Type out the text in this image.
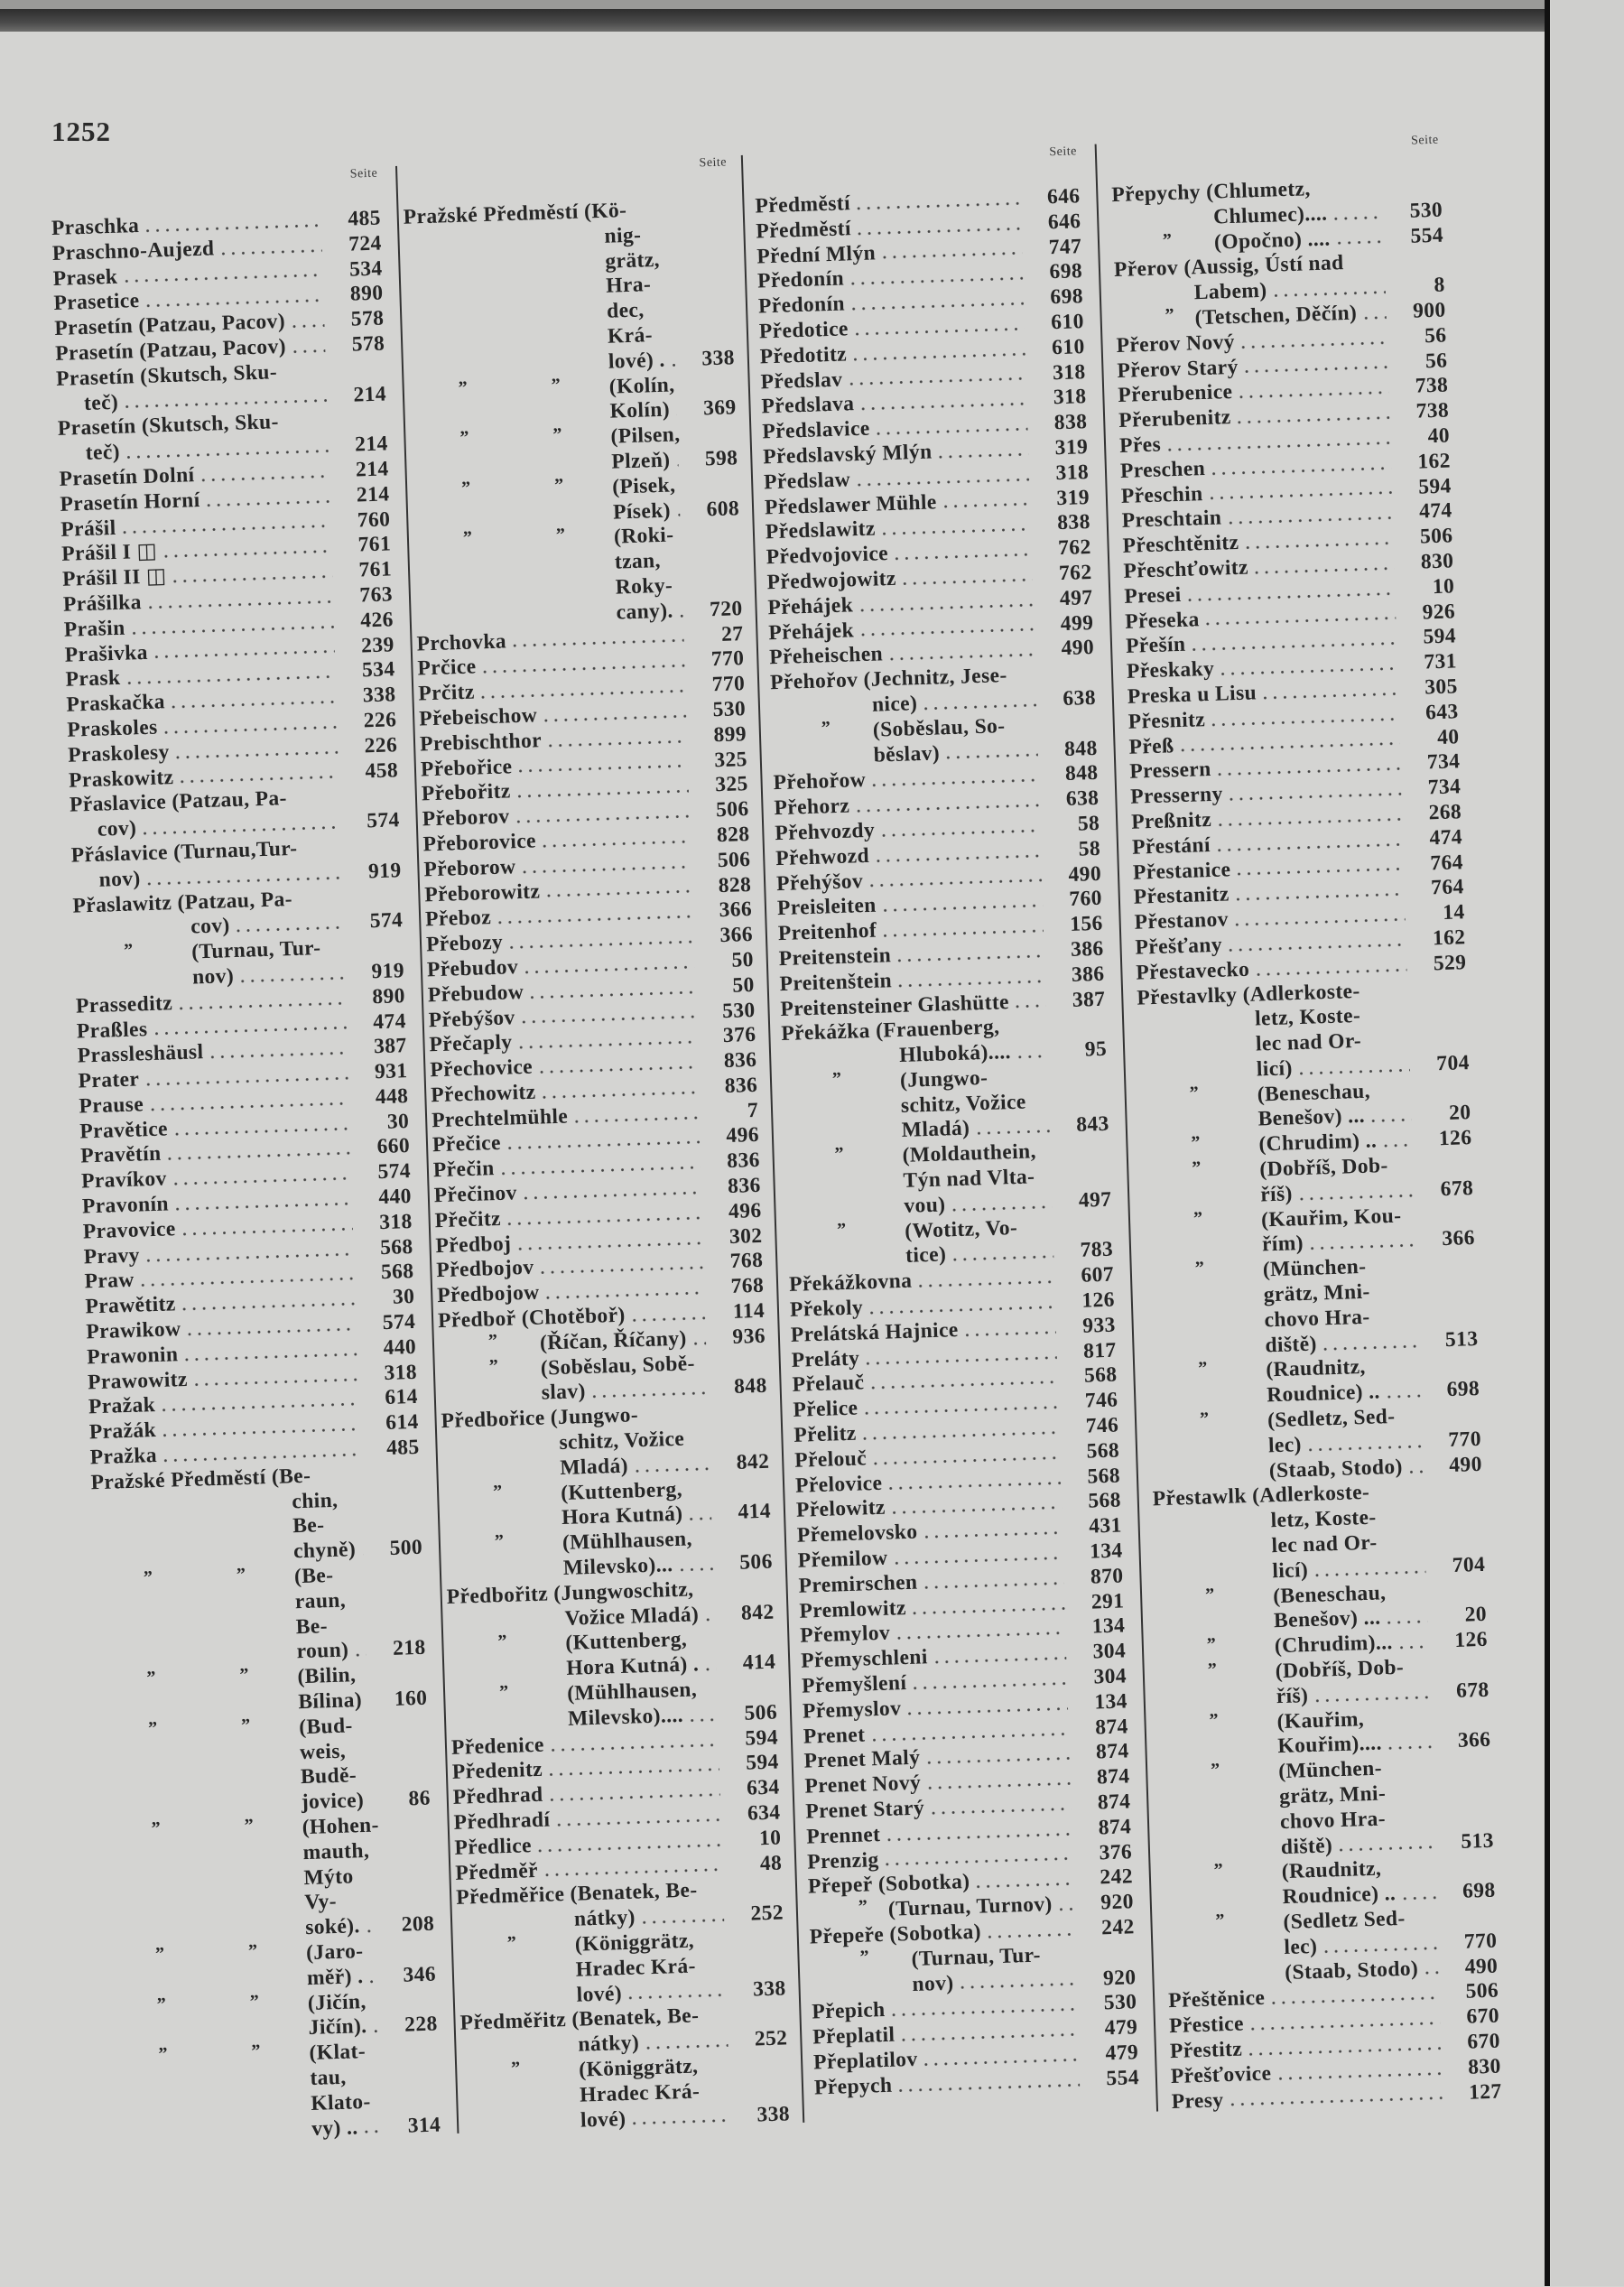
1252
Seite
Praschka	485
Praschno-Aujezd	724
Prasek	534
Prasetice	890
Prasetín (Patzau, Pacov)	578
Prasetín (Patzau, Pacov)	578
Prasetín (Skutsch, Sku-
teč)	214
Prasetín (Skutsch, Sku-
teč)	214
Prasetín Dolní	214
Prasetín Horní	214
Prášil	760
Prášil I ◫	761
Prášil II ◫	761
Prášilka	763
Prašin	426
Prašivka	239
Prask	534
Praskačka	338
Praskoles	226
Praskolesy	226
Praskowitz	458
Přaslavice (Patzau, Pa-
cov)	574
Přáslavice (Turnau,Tur-
nov)	919
Přaslawitz (Patzau, Pa-
cov)	574
”	(Turnau, Tur-
nov)	919
Prasseditz	890
Praßles	474
Prassleshäusl	387
Prater	931
Prause	448
Pravětice	30
Pravětín	660
Pravíkov	574
Pravonín	440
Pravovice	318
Pravy	568
Praw	568
Prawětitz	30
Prawikow	574
Prawonin	440
Prawowitz	318
Pražak	614
Pražák	614
Pražka	485
Pražské Předměstí (Be-
chin,
Be-
chyně)	500
”	” (Be-
raun,
Be-
roun)	218
”	” (Bilin,
Bílina)	160
”	” (Bud-
weis,
Budě-
jovice)	86
”	” (Hohen-
mauth,
Mýto
Vy-
soké).	208
”	” (Jaro-
měř) .	346
”	” (Jičín,
Jičín).	228
”	” (Klat-
tau,
Klato-
vy) ..	314
Seite
Pražské Předměstí (Kö-
nig-
grätz,
Hra-
dec,
Krá-
lové) .	338
”	” (Kolín,
Kolín)	369
”	” (Pilsen,
Plzeň)	598
”	” (Pisek,
Písek)	608
”	” (Roki-
tzan,
Roky-
cany).	720
Prchovka	27
Prčice	770
Prčitz	770
Přebeischow	530
Prebischthor	899
Přebořice	325
Přebořitz	325
Přeborov	506
Přeborovice	828
Přeborow	506
Přeborowitz	828
Přeboz	366
Přebozy	366
Přebudov	50
Přebudow	50
Přebýšov	530
Přečaply	376
Přechovice	836
Přechowitz	836
Prechtelmühle	7
Přečice	496
Přečin	836
Přečinov	836
Přečitz	496
Předboj	302
Předbojov	768
Předbojow	768
Předboř (Chotěboř)	114
” (Říčan, Říčany)	936
” (Soběslau, Sobě-
slav)	848
Předbořice (Jungwo-
schitz, Vožice
Mladá)	842
”	(Kuttenberg,
Hora Kutná)	414
”	(Mühlhausen,
Milevsko)...	506
Předbořitz (Jungwoschitz,
Vožice Mladá)	842
”	(Kuttenberg,
Hora Kutná) .	414
”	(Mühlhausen,
Milevsko)....	506
Předenice	594
Předenitz	594
Předhrad	634
Předhradí	634
Předlice	10
Předměř	48
Předměřice (Benatek, Be-
nátky)	252
”	(Königgrätz,
Hradec Krá-
lové)	338
Předměřitz (Benatek, Be-
nátky)	252
”	(Königgrätz,
Hradec Krá-
lové)	338
Seite
Předměstí	646
Předměstí	646
Přední Mlýn	747
Předonín	698
Předonín	698
Předotice	610
Předotitz	610
Předslav	318
Předslava	318
Předslavice	838
Předslavský Mlýn	319
Předslaw	318
Předslawer Mühle	319
Předslawitz	838
Předvojovice	762
Předwojowitz	762
Přehájek	497
Přehájek	499
Přeheischen	490
Přehořov (Jechnitz, Jese-
nice)	638
” (Soběslau, So-
běslav)	848
Přehořow	848
Přehorz	638
Přehvozdy	58
Přehwozd	58
Přehýšov	490
Preisleiten	760
Preitenhof	156
Preitenstein	386
Preitenštein	386
Preitensteiner Glashütte	387
Překážka (Frauenberg,
Hluboká)....	95
”	(Jungwo-
schitz, Vožice
Mladá)	843
”	(Moldauthein,
Týn nad Vlta-
vou)	497
”	(Wotitz, Vo-
tice)	783
Překážkovna	607
Překoly	126
Prelátská Hajnice	933
Preláty	817
Přelauč	568
Přelice	746
Přelitz	746
Přelouč	568
Přelovice	568
Přelowitz	568
Přemelovsko	431
Přemilow	134
Premirschen	870
Premlowitz	291
Přemylov	134
Přemyschleni	304
Přemyšlení	304
Přemyslov	134
Prenet	874
Prenet Malý	874
Prenet Nový	874
Prenet Starý	874
Prennet	874
Prenzig	376
Přepeř (Sobotka)	242
” (Turnau, Turnov)	920
Přepeře (Sobotka)	242
” (Turnau, Tur-
nov)	920
Přepich	530
Přeplatil	479
Přeplatilov	479
Přepych	554
Seite
Přepychy (Chlumetz,
Chlumec)....	530
” (Opočno) ....	554
Přerov (Aussig, Ústí nad
Labem)	8
” (Tetschen, Děčín)	900
Přerov Nový	56
Přerov Starý	56
Přerubenice	738
Přerubenitz	738
Přes	40
Preschen	162
Přeschin	594
Preschtain	474
Přeschtěnitz	506
Přeschťowitz	830
Presei	10
Přeseka	926
Přešín	594
Přeskaky	731
Preska u Lisu	305
Přesnitz	643
Přeß	40
Pressern	734
Presserny	734
Preßnitz	268
Přestání	474
Přestanice	764
Přestanitz	764
Přestanov	14
Přešťany	162
Přestavecko	529
Přestavlky (Adlerkoste-
letz, Koste-
lec nad Or-
licí)	704
”	(Beneschau,
Benešov) ...	20
”	(Chrudim) ..	126
”	(Dobříš, Dob-
říš)	678
”	(Kauřim, Kou-
řím)	366
”	(München-
grätz, Mni-
chovo Hra-
diště)	513
”	(Raudnitz,
Roudnice) ..	698
”	(Sedletz, Sed-
lec)	770
(Staab, Stodo)	490
Přestawlk (Adlerkoste-
letz, Koste-
lec nad Or-
licí)	704
”	(Beneschau,
Benešov) ...	20
”	(Chrudim)...	126
”	(Dobříš, Dob-
říš)	678
”	(Kauřim,
Kouřim)....	366
”	(München-
grätz, Mni-
chovo Hra-
diště)	513
”	(Raudnitz,
Roudnice) ..	698
”	(Sedletz Sed-
lec)	770
(Staab, Stodo)	490
Přeštěnice	506
Přestice	670
Přestitz	670
Přešťovice	830
Presy	127
